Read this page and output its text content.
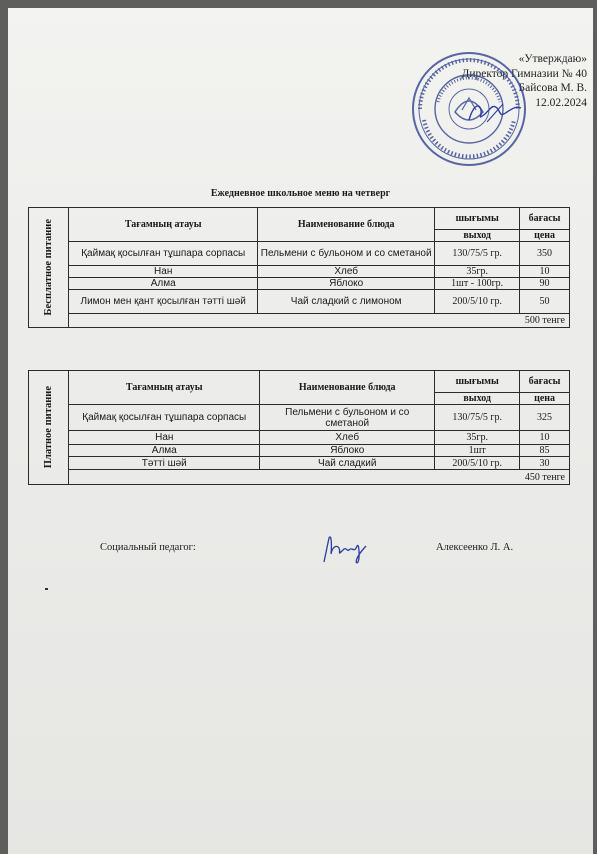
«Утверждаю»
Директор Гимназии № 40
Байсова М. В.
12.02.2024
Ежедневное школьное меню на четверг
Бесплатное питание	Тағамның атауы	Наименование блюда	шығымы	бағасы
			выход	цена
	Қаймақ қосылған тұшпара сорпасы	Пельмени с бульоном и со сметаной	130/75/5 гр.	350
	Нан	Хлеб	35гр.	10
	Алма	Яблоко	1шт - 100гр.	90
	Лимон мен қант қосылған тәтті шәй	Чай сладкий с лимоном	200/5/10 гр.	50
	500 тенге			
Платное питание	Тағамның атауы	Наименование блюда	шығымы	бағасы
			выход	цена
	Қаймақ қосылған тұшпара сорпасы	Пельмени с бульоном и со сметаной	130/75/5 гр.	325
	Нан	Хлеб	35гр.	10
	Алма	Яблоко	1шт	85
	Тәтті шәй	Чай сладкий	200/5/10 гр.	30
	450 тенге			
Социальный педагог:	Алексеенко Л. А.
